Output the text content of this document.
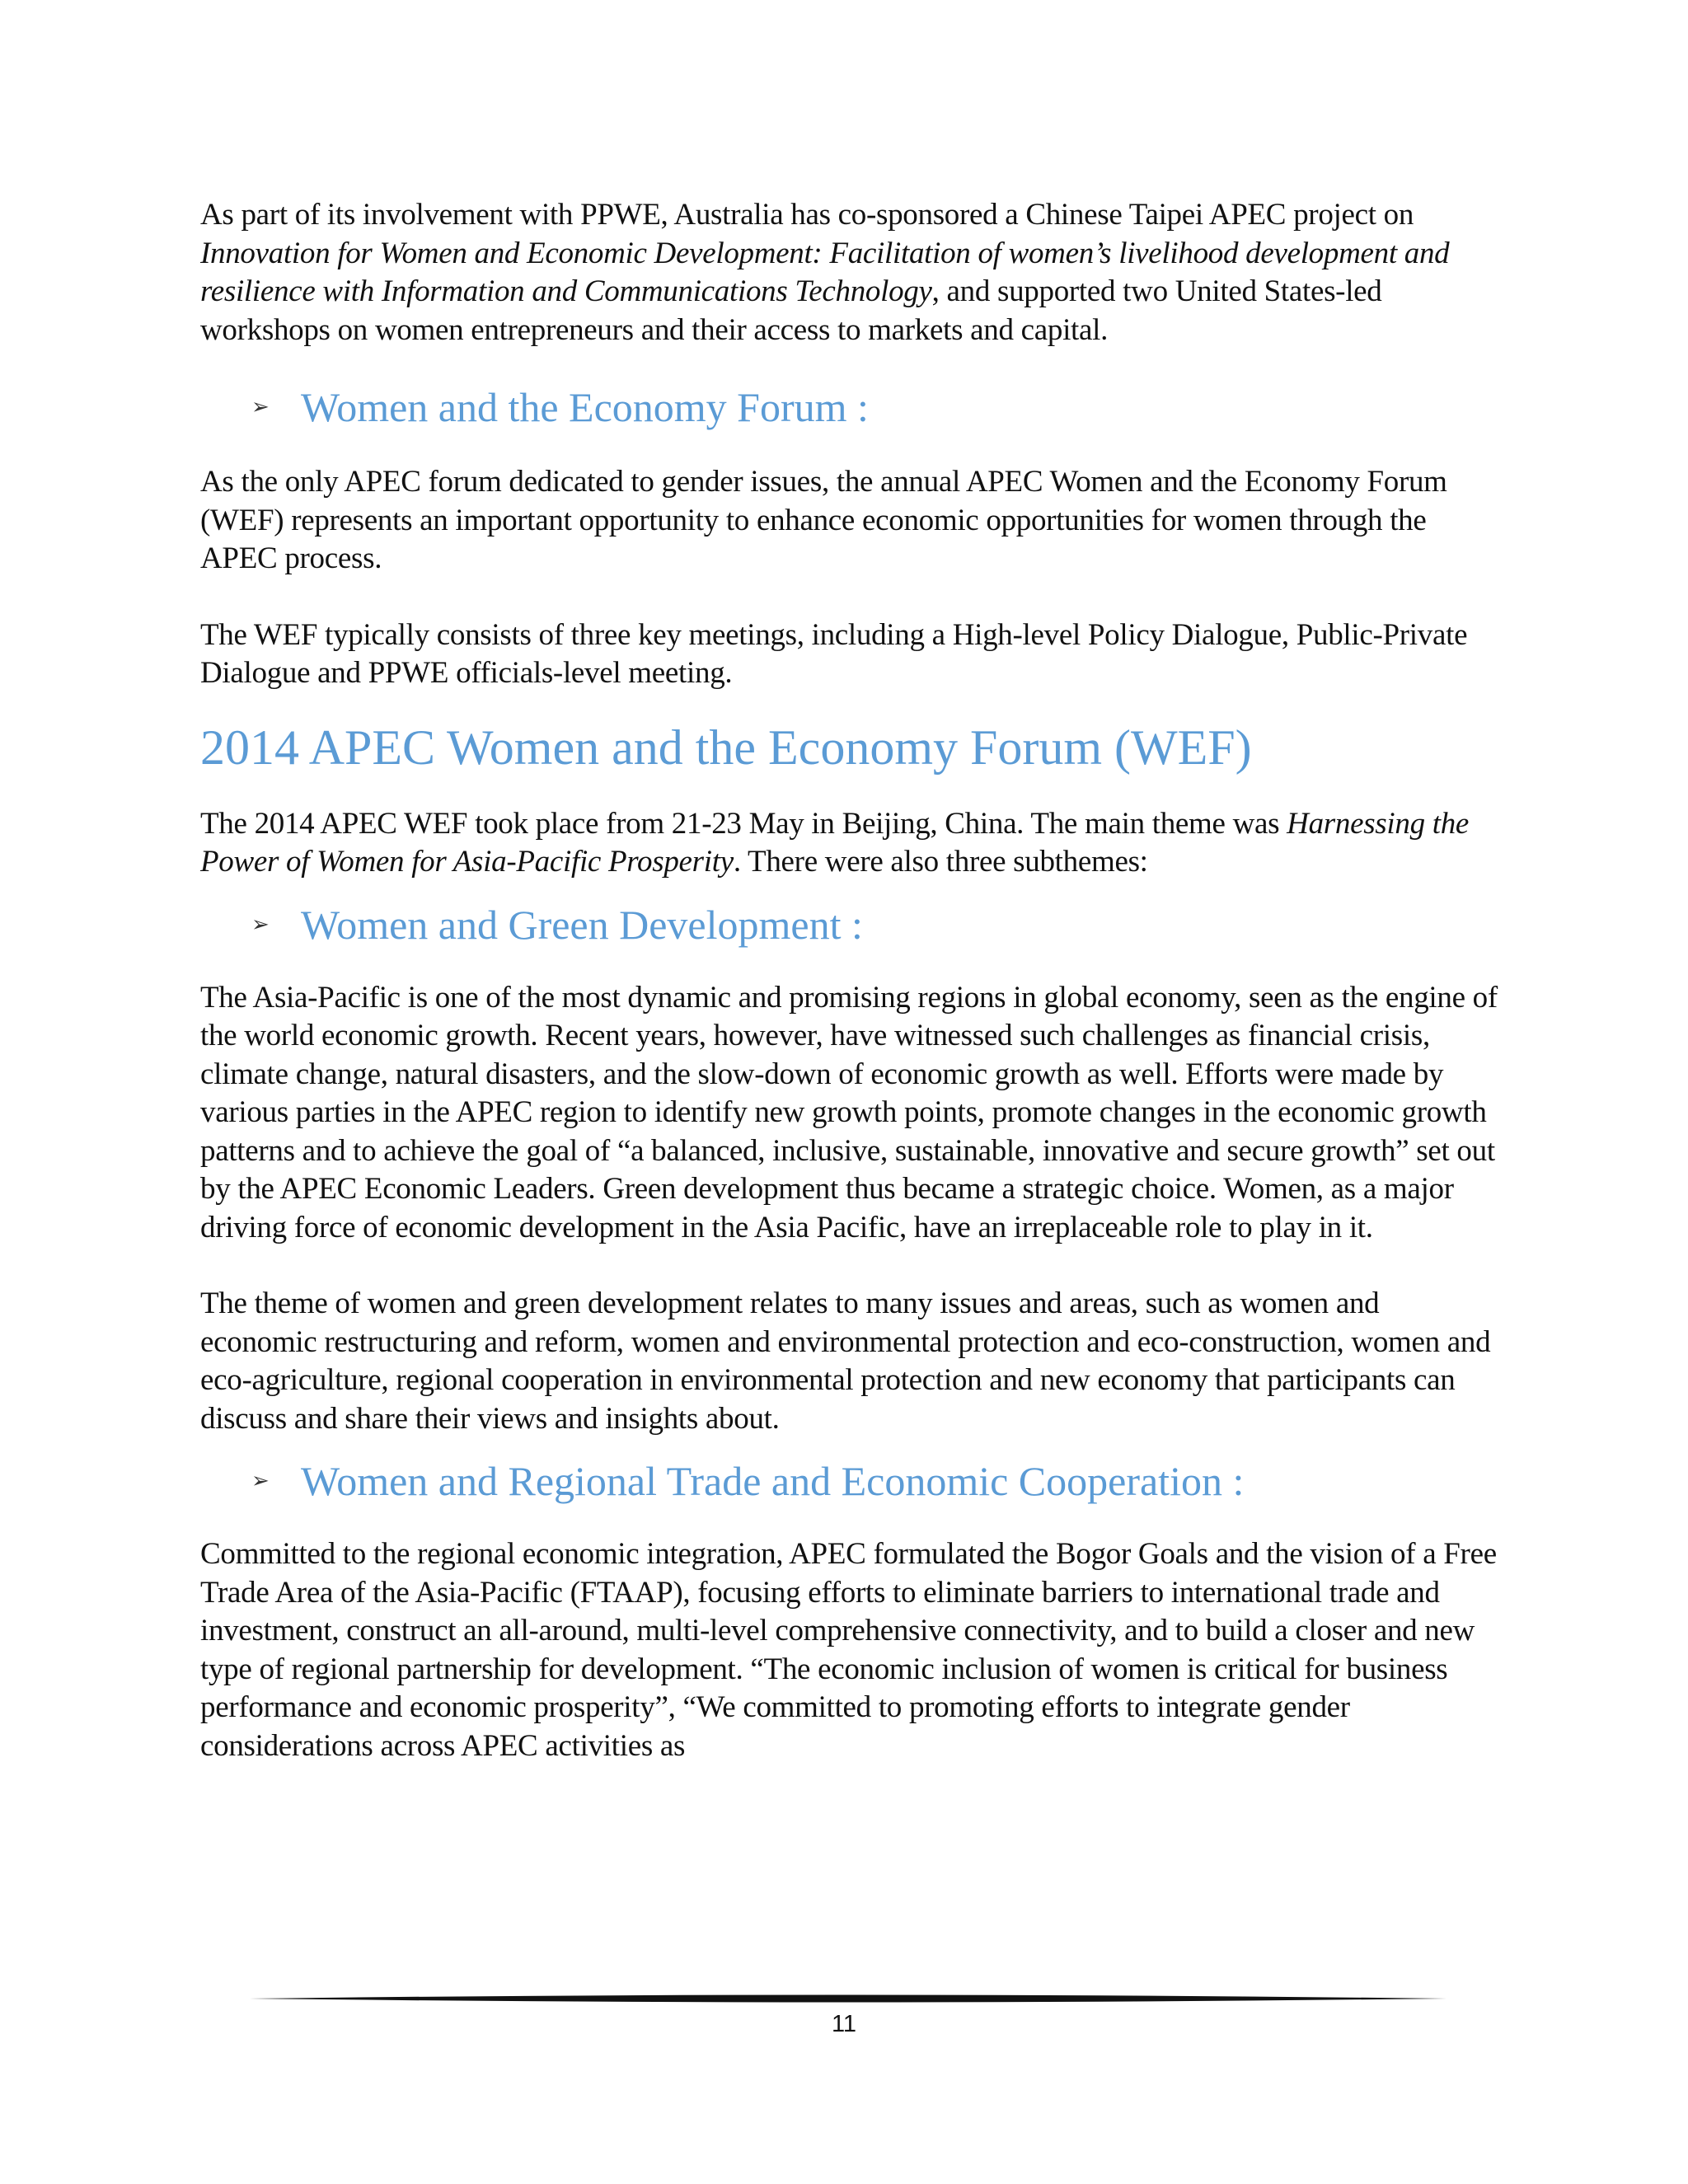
As part of its involvement with PPWE, Australia has co-sponsored a Chinese Taipei APEC project on Innovation for Women and Economic Development: Facilitation of women’s livelihood development and resilience with Information and Communications Technology, and supported two United States-led workshops on women entrepreneurs and their access to markets and capital.

➢ Women and the Economy Forum :

As the only APEC forum dedicated to gender issues, the annual APEC Women and the Economy Forum (WEF) represents an important opportunity to enhance economic opportunities for women through the APEC process.

The WEF typically consists of three key meetings, including a High-level Policy Dialogue, Public-Private Dialogue and PPWE officials-level meeting.

2014 APEC Women and the Economy Forum (WEF)

The 2014 APEC WEF took place from 21-23 May in Beijing, China. The main theme was Harnessing the Power of Women for Asia-Pacific Prosperity. There were also three subthemes:

➢ Women and Green Development :

The Asia-Pacific is one of the most dynamic and promising regions in global economy, seen as the engine of the world economic growth. Recent years, however, have witnessed such challenges as financial crisis, climate change, natural disasters, and the slow-down of economic growth as well. Efforts were made by various parties in the APEC region to identify new growth points, promote changes in the economic growth patterns and to achieve the goal of “a balanced, inclusive, sustainable, innovative and secure growth” set out by the APEC Economic Leaders. Green development thus became a strategic choice. Women, as a major driving force of economic development in the Asia Pacific, have an irreplaceable role to play in it.

The theme of women and green development relates to many issues and areas, such as women and economic restructuring and reform, women and environmental protection and eco-construction, women and eco-agriculture, regional cooperation in environmental protection and new economy that participants can discuss and share their views and insights about.

➢ Women and Regional Trade and Economic Cooperation :

Committed to the regional economic integration, APEC formulated the Bogor Goals and the vision of a Free Trade Area of the Asia-Pacific (FTAAP), focusing efforts to eliminate barriers to international trade and investment, construct an all-around, multi-level comprehensive connectivity, and to build a closer and new type of regional partnership for development. “The economic inclusion of women is critical for business performance and economic prosperity”, “We committed to promoting efforts to integrate gender considerations across APEC activities as

11
